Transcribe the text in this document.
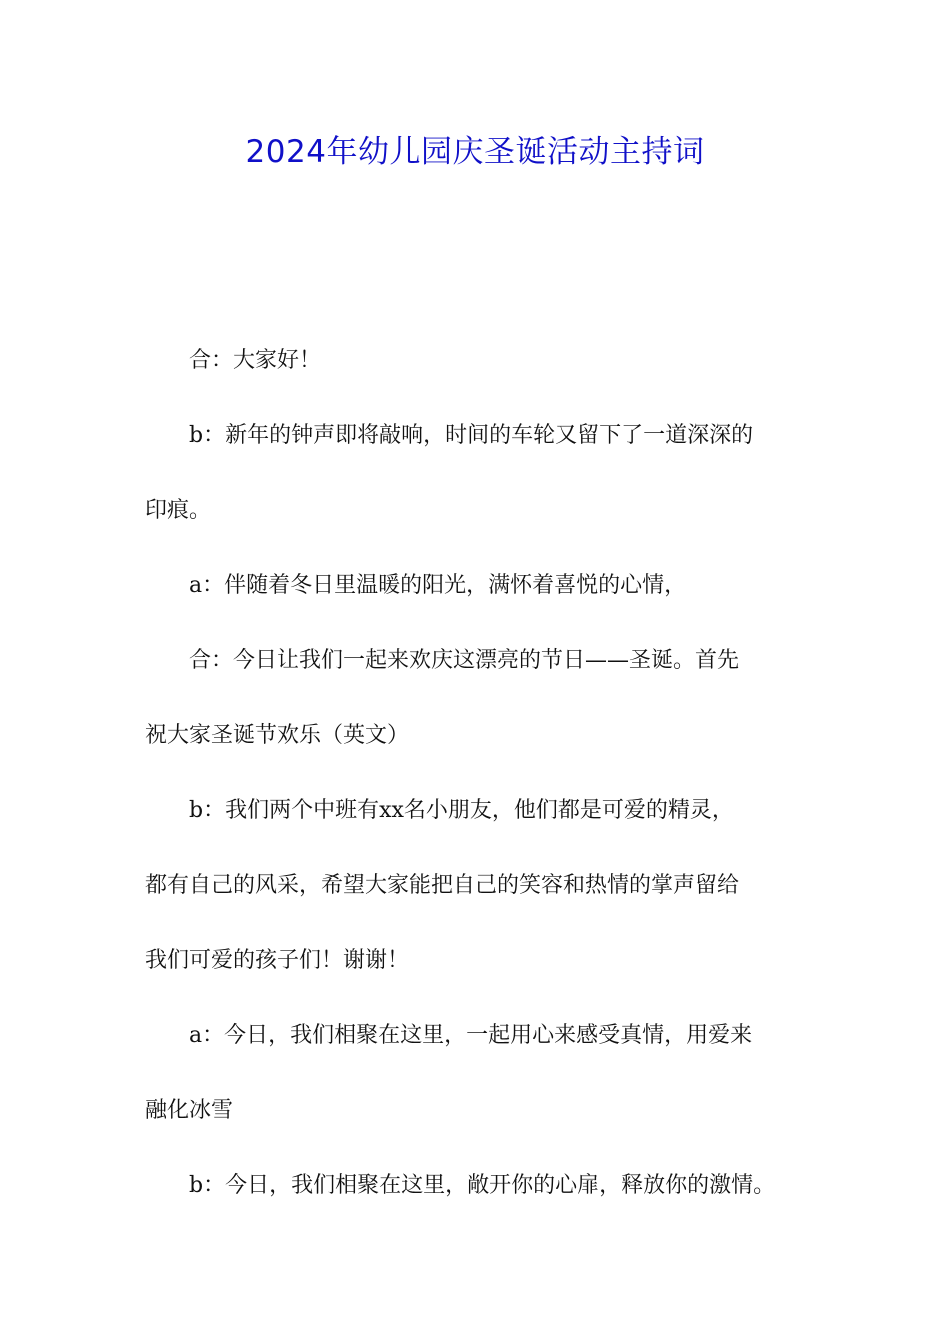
2024年幼儿园庆圣诞活动主持词
合：大家好！
b：新年的钟声即将敲响，时间的车轮又留下了一道深深的
印痕。
a：伴随着冬日里温暖的阳光，满怀着喜悦的心情，
合：今日让我们一起来欢庆这漂亮的节日——圣诞。首先
祝大家圣诞节欢乐（英文）
b：我们两个中班有xx名小朋友，他们都是可爱的精灵，
都有自己的风采，希望大家能把自己的笑容和热情的掌声留给
我们可爱的孩子们！谢谢！
a：今日，我们相聚在这里，一起用心来感受真情，用爱来
融化冰雪
b：今日，我们相聚在这里，敞开你的心扉，释放你的激情。
